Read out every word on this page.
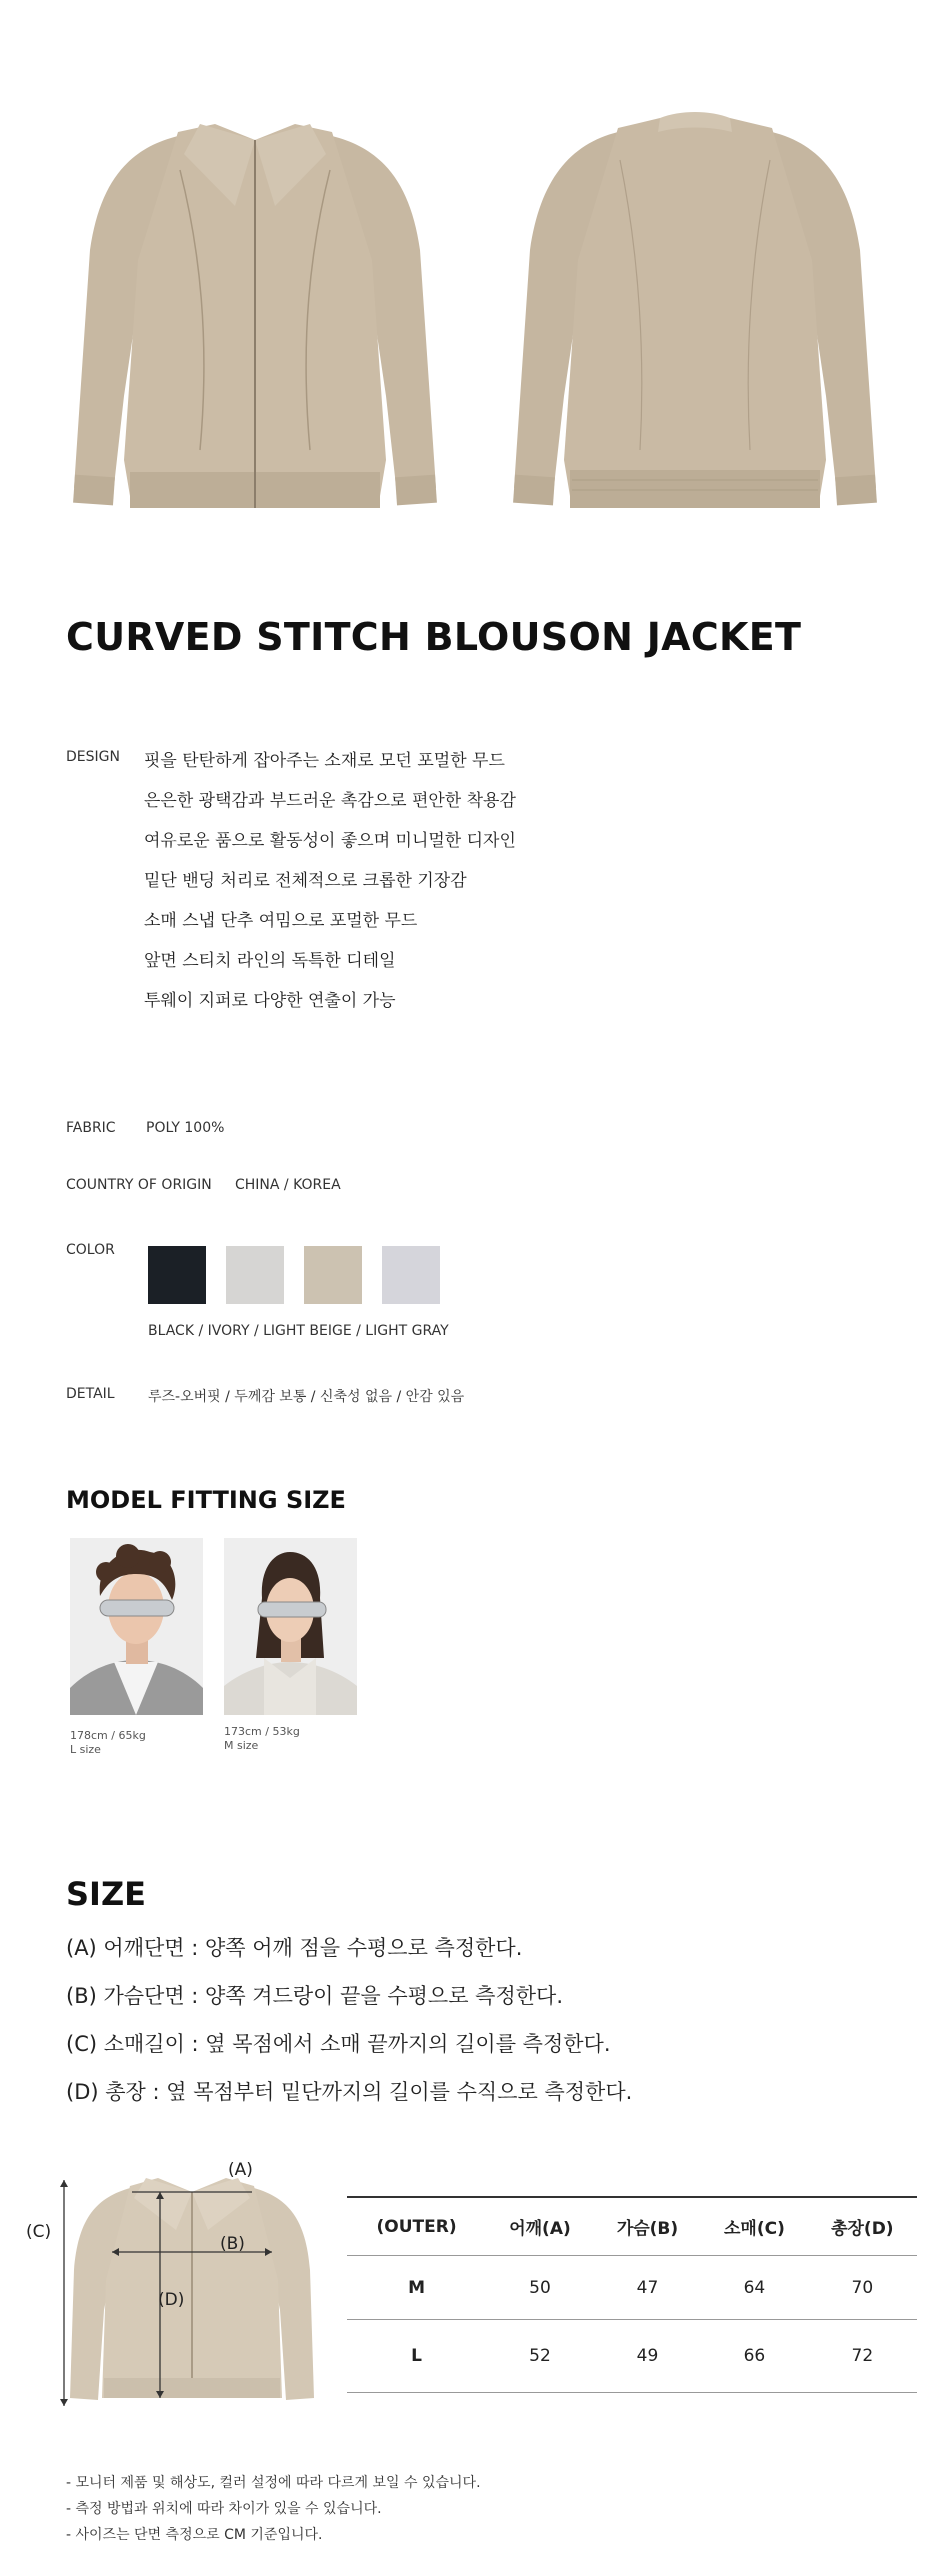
CURVED STITCH BLOUSON JACKET
DESIGN 핏을 탄탄하게 잡아주는 소재로 모던 포멀한 무드
은은한 광택감과 부드러운 촉감으로 편안한 착용감
여유로운 품으로 활동성이 좋으며 미니멀한 디자인
밑단 밴딩 처리로 전체적으로 크롭한 기장감
소매 스냅 단추 여밈으로 포멀한 무드
앞면 스티치 라인의 독특한 디테일
투웨이 지퍼로 다양한 연출이 가능
FABRIC POLY 100%
COUNTRY OF ORIGIN CHINA / KOREA
COLOR
BLACK / IVORY / LIGHT BEIGE / LIGHT GRAY
DETAIL 루즈-오버핏 / 두께감 보통 / 신축성 없음 / 안감 있음
MODEL FITTING SIZE
178cm / 65kg
L size
173cm / 53kg
M size
SIZE
(A) 어깨단면 : 양쪽 어깨 점을 수평으로 측정한다.
(B) 가슴단면 : 양쪽 겨드랑이 끝을 수평으로 측정한다.
(C) 소매길이 : 옆 목점에서 소매 끝까지의 길이를 측정한다.
(D) 총장 : 옆 목점부터 밑단까지의 길이를 수직으로 측정한다.
(A)
(B)
(C)
(D)
(OUTER)	어깨(A)	가슴(B)	소매(C)	총장(D)
M	50	47	64	70
L	52	49	66	72
- 모니터 제품 및 해상도, 컬러 설정에 따라 다르게 보일 수 있습니다.
- 측정 방법과 위치에 따라 차이가 있을 수 있습니다.
- 사이즈는 단면 측정으로 CM 기준입니다.
